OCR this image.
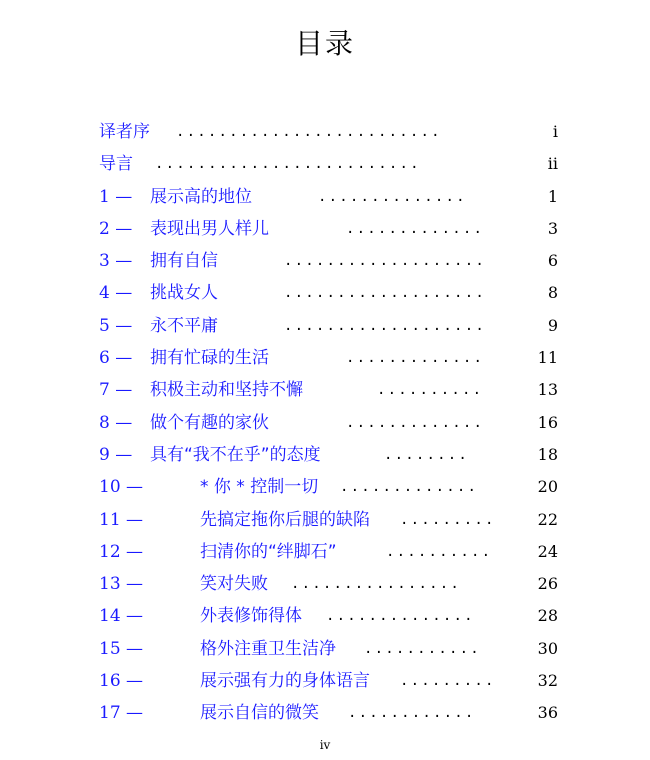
目录
译者序 .........................	i
导言 .........................	ii
1 — 展示高的地位	..............	1
2 — 表现出男人样儿	.............	3
3 — 拥有自信	...................	6
4 — 挑战女人	...................	8
5 — 永不平庸	...................	9
6 — 拥有忙碌的生活	.............	11
7 — 积极主动和坚持不懈	..........	13
8 — 做个有趣的家伙	.............	16
9 — 具有“我不在乎”的态度	........	18
10 —	* 你 * 控制一切 .............	20
11 —	先搞定拖你后腿的缺陷 .........	22
12 —	扫清你的“绊脚石”	..........	24
13 —	笑对失败 ................	26
14 —	外表修饰得体 ..............	28
15 —	格外注重卫生洁净 ...........	30
16 —	展示强有力的身体语言 .........	32
17 —	展示自信的微笑 ............	36
iv
